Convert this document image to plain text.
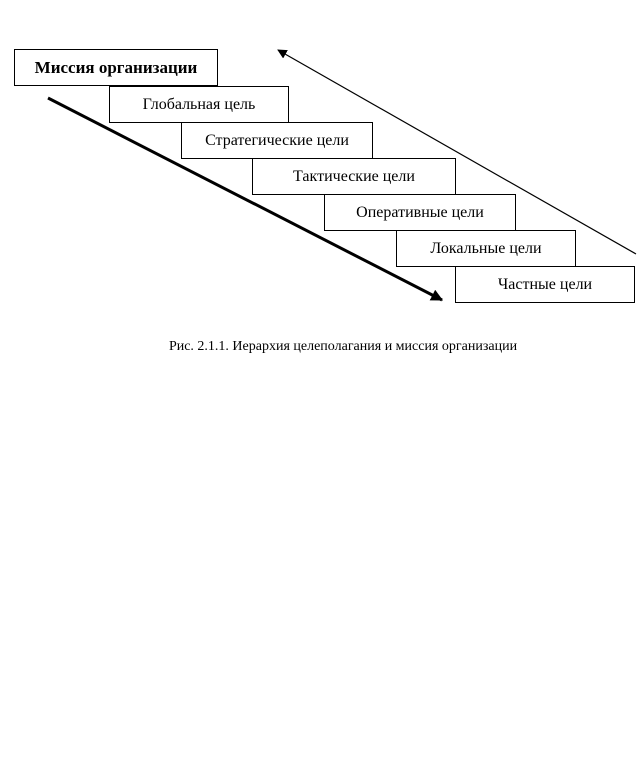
Миссия организации
Глобальная цель
Стратегические цели
Тактические цели
Оперативные цели
Локальные цели
Частные цели
Рис. 2.1.1. Иерархия целеполагания и миссия организации
